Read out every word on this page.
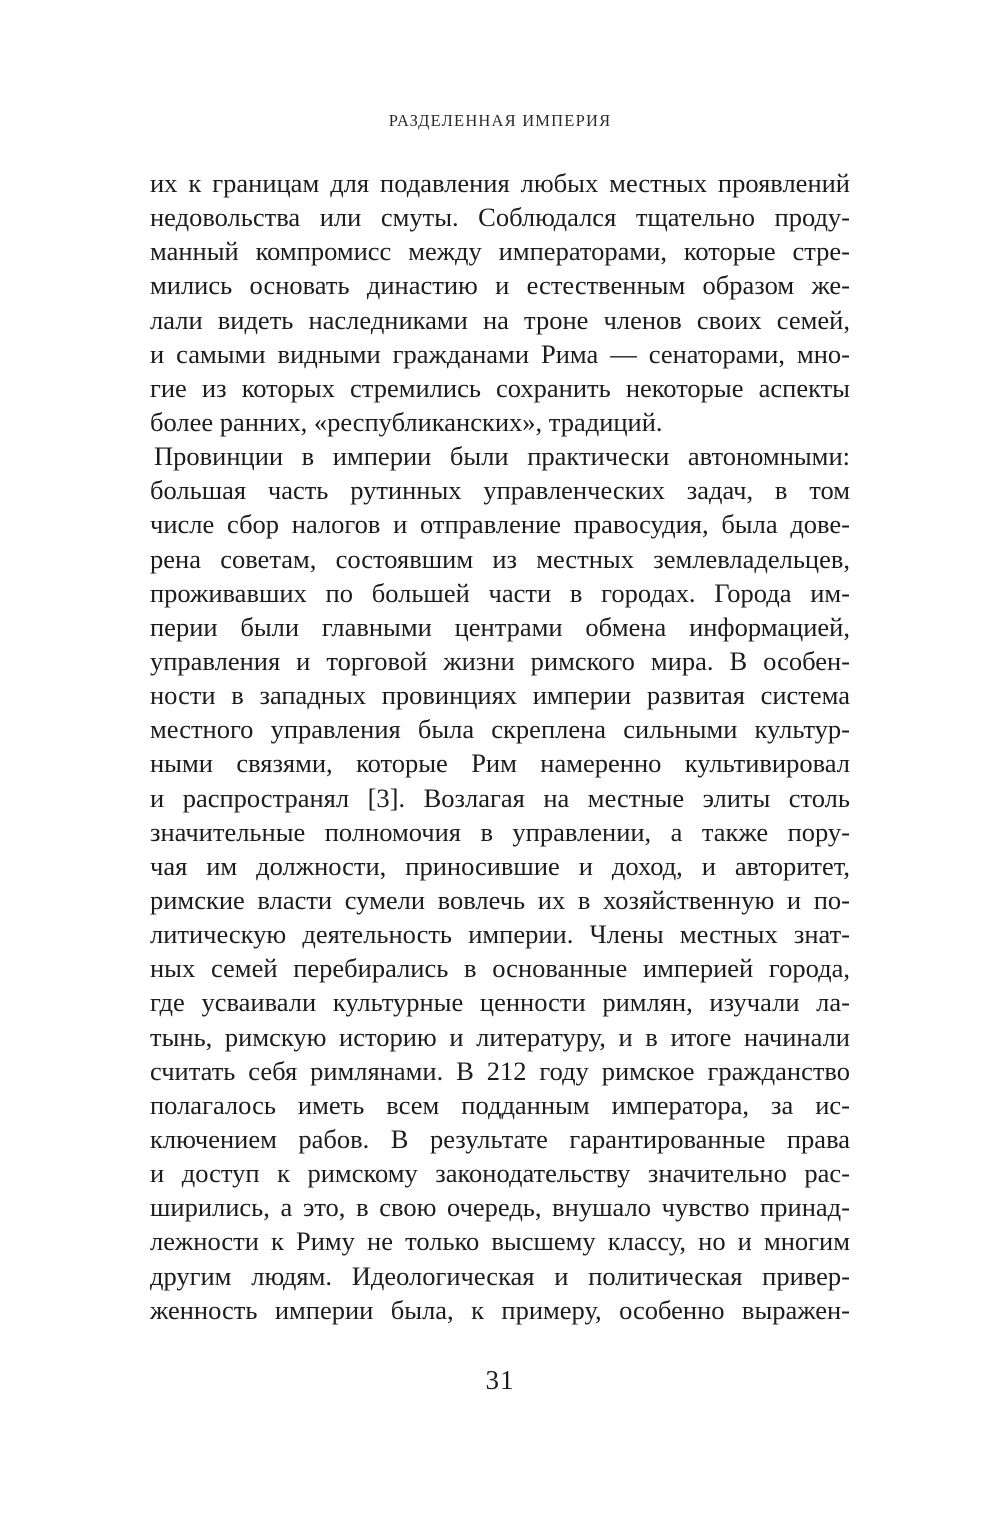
РАЗДЕЛЕННАЯ ИМПЕРИЯ
их к границам для подавления любых местных проявлений
недовольства или смуты. Соблюдался тщательно проду-
манный компромисс между императорами, которые стре-
мились основать династию и естественным образом же-
лали видеть наследниками на троне членов своих семей,
и самыми видными гражданами Рима — сенаторами, мно-
гие из которых стремились сохранить некоторые аспекты
более ранних, «республиканских», традиций.
Провинции в империи были практически автономными:
большая часть рутинных управленческих задач, в том
числе сбор налогов и отправление правосудия, была дове-
рена советам, состоявшим из местных землевладельцев,
проживавших по большей части в городах. Города им-
перии были главными центрами обмена информацией,
управления и торговой жизни римского мира. В особен-
ности в западных провинциях империи развитая система
местного управления была скреплена сильными культур-
ными связями, которые Рим намеренно культивировал
и распространял [3]. Возлагая на местные элиты столь
значительные полномочия в управлении, а также пору-
чая им должности, приносившие и доход, и авторитет,
римские власти сумели вовлечь их в хозяйственную и по-
литическую деятельность империи. Члены местных знат-
ных семей перебирались в основанные империей города,
где усваивали культурные ценности римлян, изучали ла-
тынь, римскую историю и литературу, и в итоге начинали
считать себя римлянами. В 212 году римское гражданство
полагалось иметь всем подданным императора, за ис-
ключением рабов. В результате гарантированные права
и доступ к римскому законодательству значительно рас-
ширились, а это, в свою очередь, внушало чувство принад-
лежности к Риму не только высшему классу, но и многим
другим людям. Идеологическая и политическая привер-
женность империи была, к примеру, особенно выражен-
31
